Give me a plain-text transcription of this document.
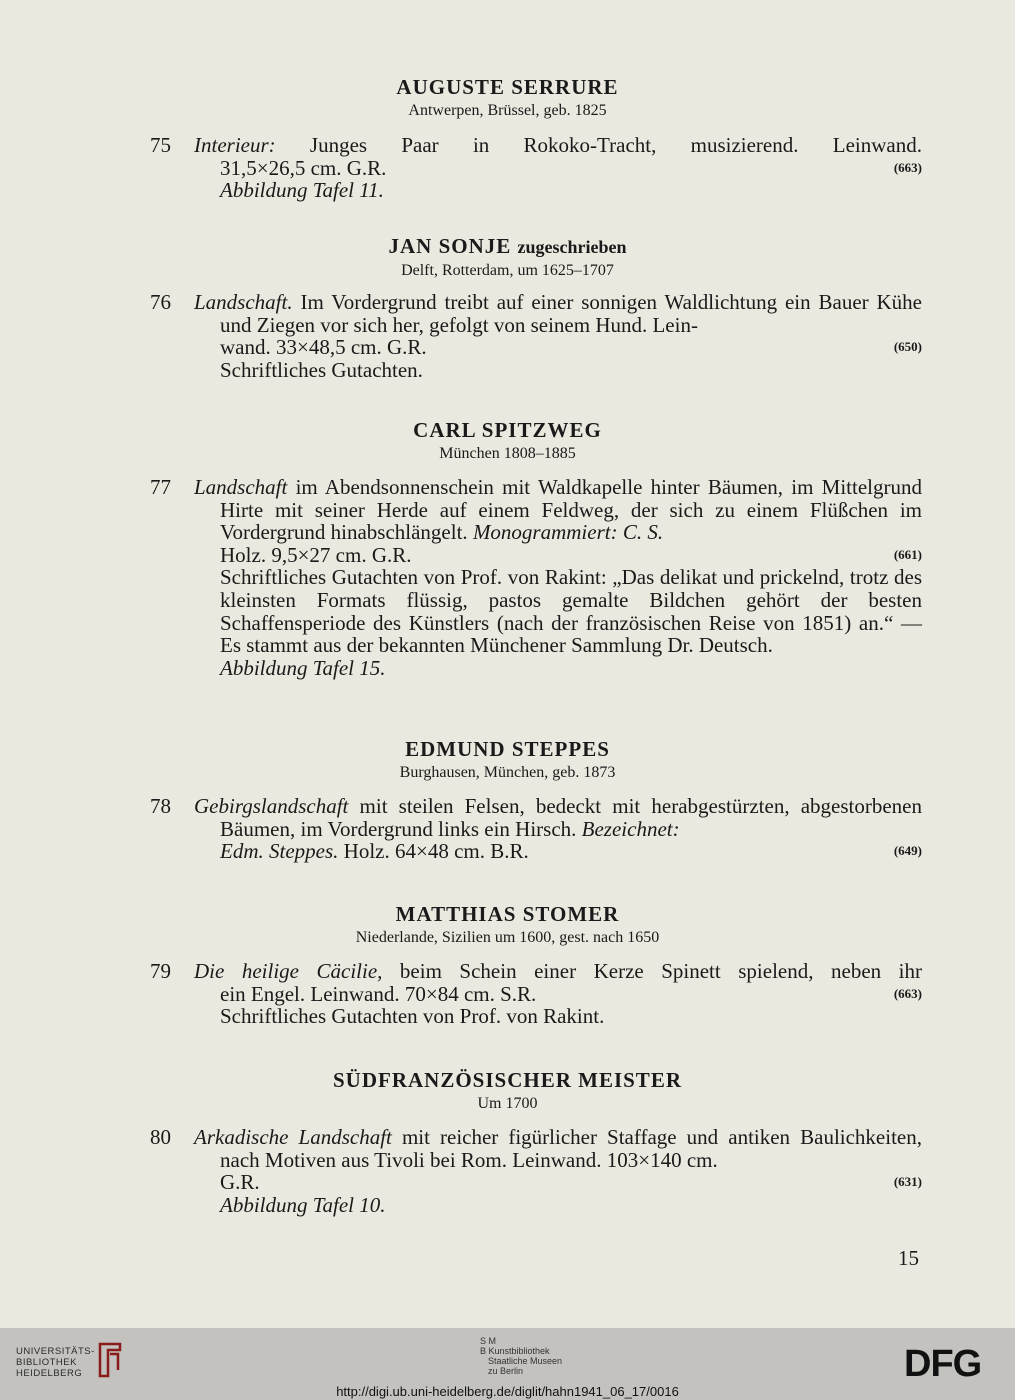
AUGUSTE SERRURE
Antwerpen, Brüssel, geb. 1825
75	Interieur: Junges Paar in Rokoko-Tracht, musizierend. Leinwand.
31,5×26,5 cm. G.R.	(663)
Abbildung Tafel 11.
JAN SONJE zugeschrieben
Delft, Rotterdam, um 1625–1707
76	Landschaft. Im Vordergrund treibt auf einer sonnigen Waldlichtung ein Bauer Kühe und Ziegen vor sich her, gefolgt von seinem Hund. Lein-
wand. 33×48,5 cm. G.R.	(650)
Schriftliches Gutachten.
CARL SPITZWEG
München 1808–1885
77	Landschaft im Abendsonnenschein mit Waldkapelle hinter Bäumen, im Mittelgrund Hirte mit seiner Herde auf einem Feldweg, der sich zu einem Flüßchen im Vordergrund hinabschlängelt. Monogrammiert: C. S.
Holz. 9,5×27 cm. G.R.	(661)
Schriftliches Gutachten von Prof. von Rakint: „Das delikat und prickelnd, trotz des kleinsten Formats flüssig, pastos gemalte Bildchen gehört der besten Schaffensperiode des Künstlers (nach der französischen Reise von 1851) an.“ — Es stammt aus der bekannten Münchener Sammlung Dr. Deutsch.
Abbildung Tafel 15.
EDMUND STEPPES
Burghausen, München, geb. 1873
78	Gebirgslandschaft mit steilen Felsen, bedeckt mit herabgestürzten, abgestorbenen Bäumen, im Vordergrund links ein Hirsch. Bezeichnet:
Edm. Steppes. Holz. 64×48 cm. B.R.	(649)
MATTHIAS STOMER
Niederlande, Sizilien um 1600, gest. nach 1650
79	Die heilige Cäcilie, beim Schein einer Kerze Spinett spielend, neben ihr
ein Engel. Leinwand. 70×84 cm. S.R.	(663)
Schriftliches Gutachten von Prof. von Rakint.
SÜDFRANZÖSISCHER MEISTER
Um 1700
80	Arkadische Landschaft mit reicher figürlicher Staffage und antiken Baulichkeiten, nach Motiven aus Tivoli bei Rom. Leinwand. 103×140 cm.
G.R.	(631)
Abbildung Tafel 10.
15
UNIVERSITÄTS-
BIBLIOTHEK
HEIDELBERG
S M
B Kunstbibliothek
Staatliche Museen
zu Berlin	DFG
http://digi.ub.uni-heidelberg.de/diglit/hahn1941_06_17/0016
